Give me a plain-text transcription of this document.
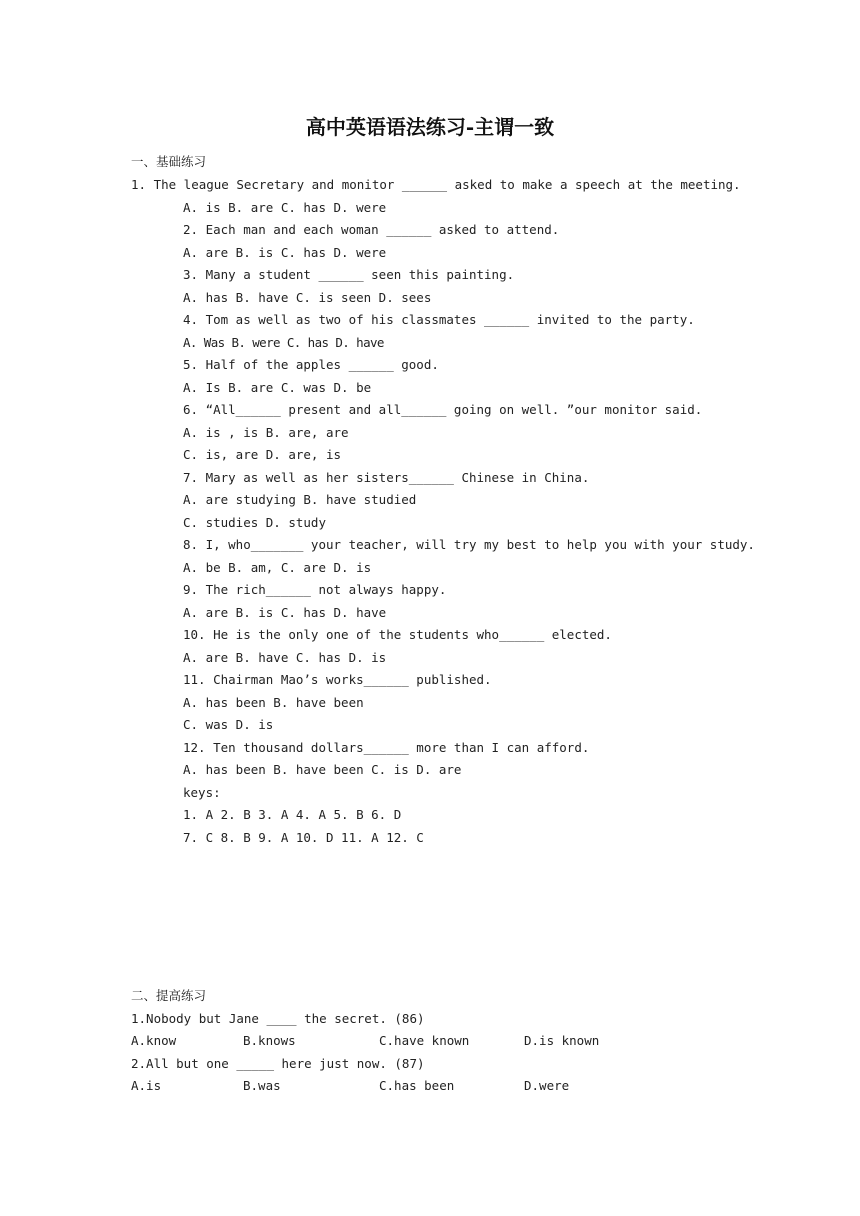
高中英语语法练习-主谓一致
一、基础练习
1. The league Secretary and monitor ______ asked to make a speech at the meeting.
A. is B. are C. has D. were
2. Each man and each woman ______ asked to attend.
A. are B. is C. has D. were
3. Many a student ______ seen this painting.
A. has B. have C. is seen D. sees
4. Tom as well as two of his classmates ______ invited to the party.
A. Was B. were C. has D. have
5. Half of the apples ______ good.
A. Is B. are C. was D. be
6. “All______ present and all______ going on well. ”our monitor said.
A. is , is B. are, are
C. is, are D. are, is
7. Mary as well as her sisters______ Chinese in China.
A. are studying B. have studied
C. studies D. study
8. I, who_______ your teacher, will try my best to help you with your study.
A. be B. am, C. are D. is
9. The rich______ not always happy.
A. are B. is C. has D. have
10. He is the only one of the students who______ elected.
A. are B. have C. has D. is
11. Chairman Mao’s works______ published.
A. has been B. have been
C. was D. is
12. Ten thousand dollars______ more than I can afford.
A. has been B. have been C. is D. are
keys:
1. A 2. B 3. A 4. A 5. B 6. D
7. C 8. B 9. A 10. D 11. A 12. C
二、提高练习
1.Nobody but Jane ____ the secret. (86)

A.know

	B.knows

	C.have known

	D.is known

2.All but one _____ here just now. (87)

A.is

	B.was

	C.has been

	D.were
